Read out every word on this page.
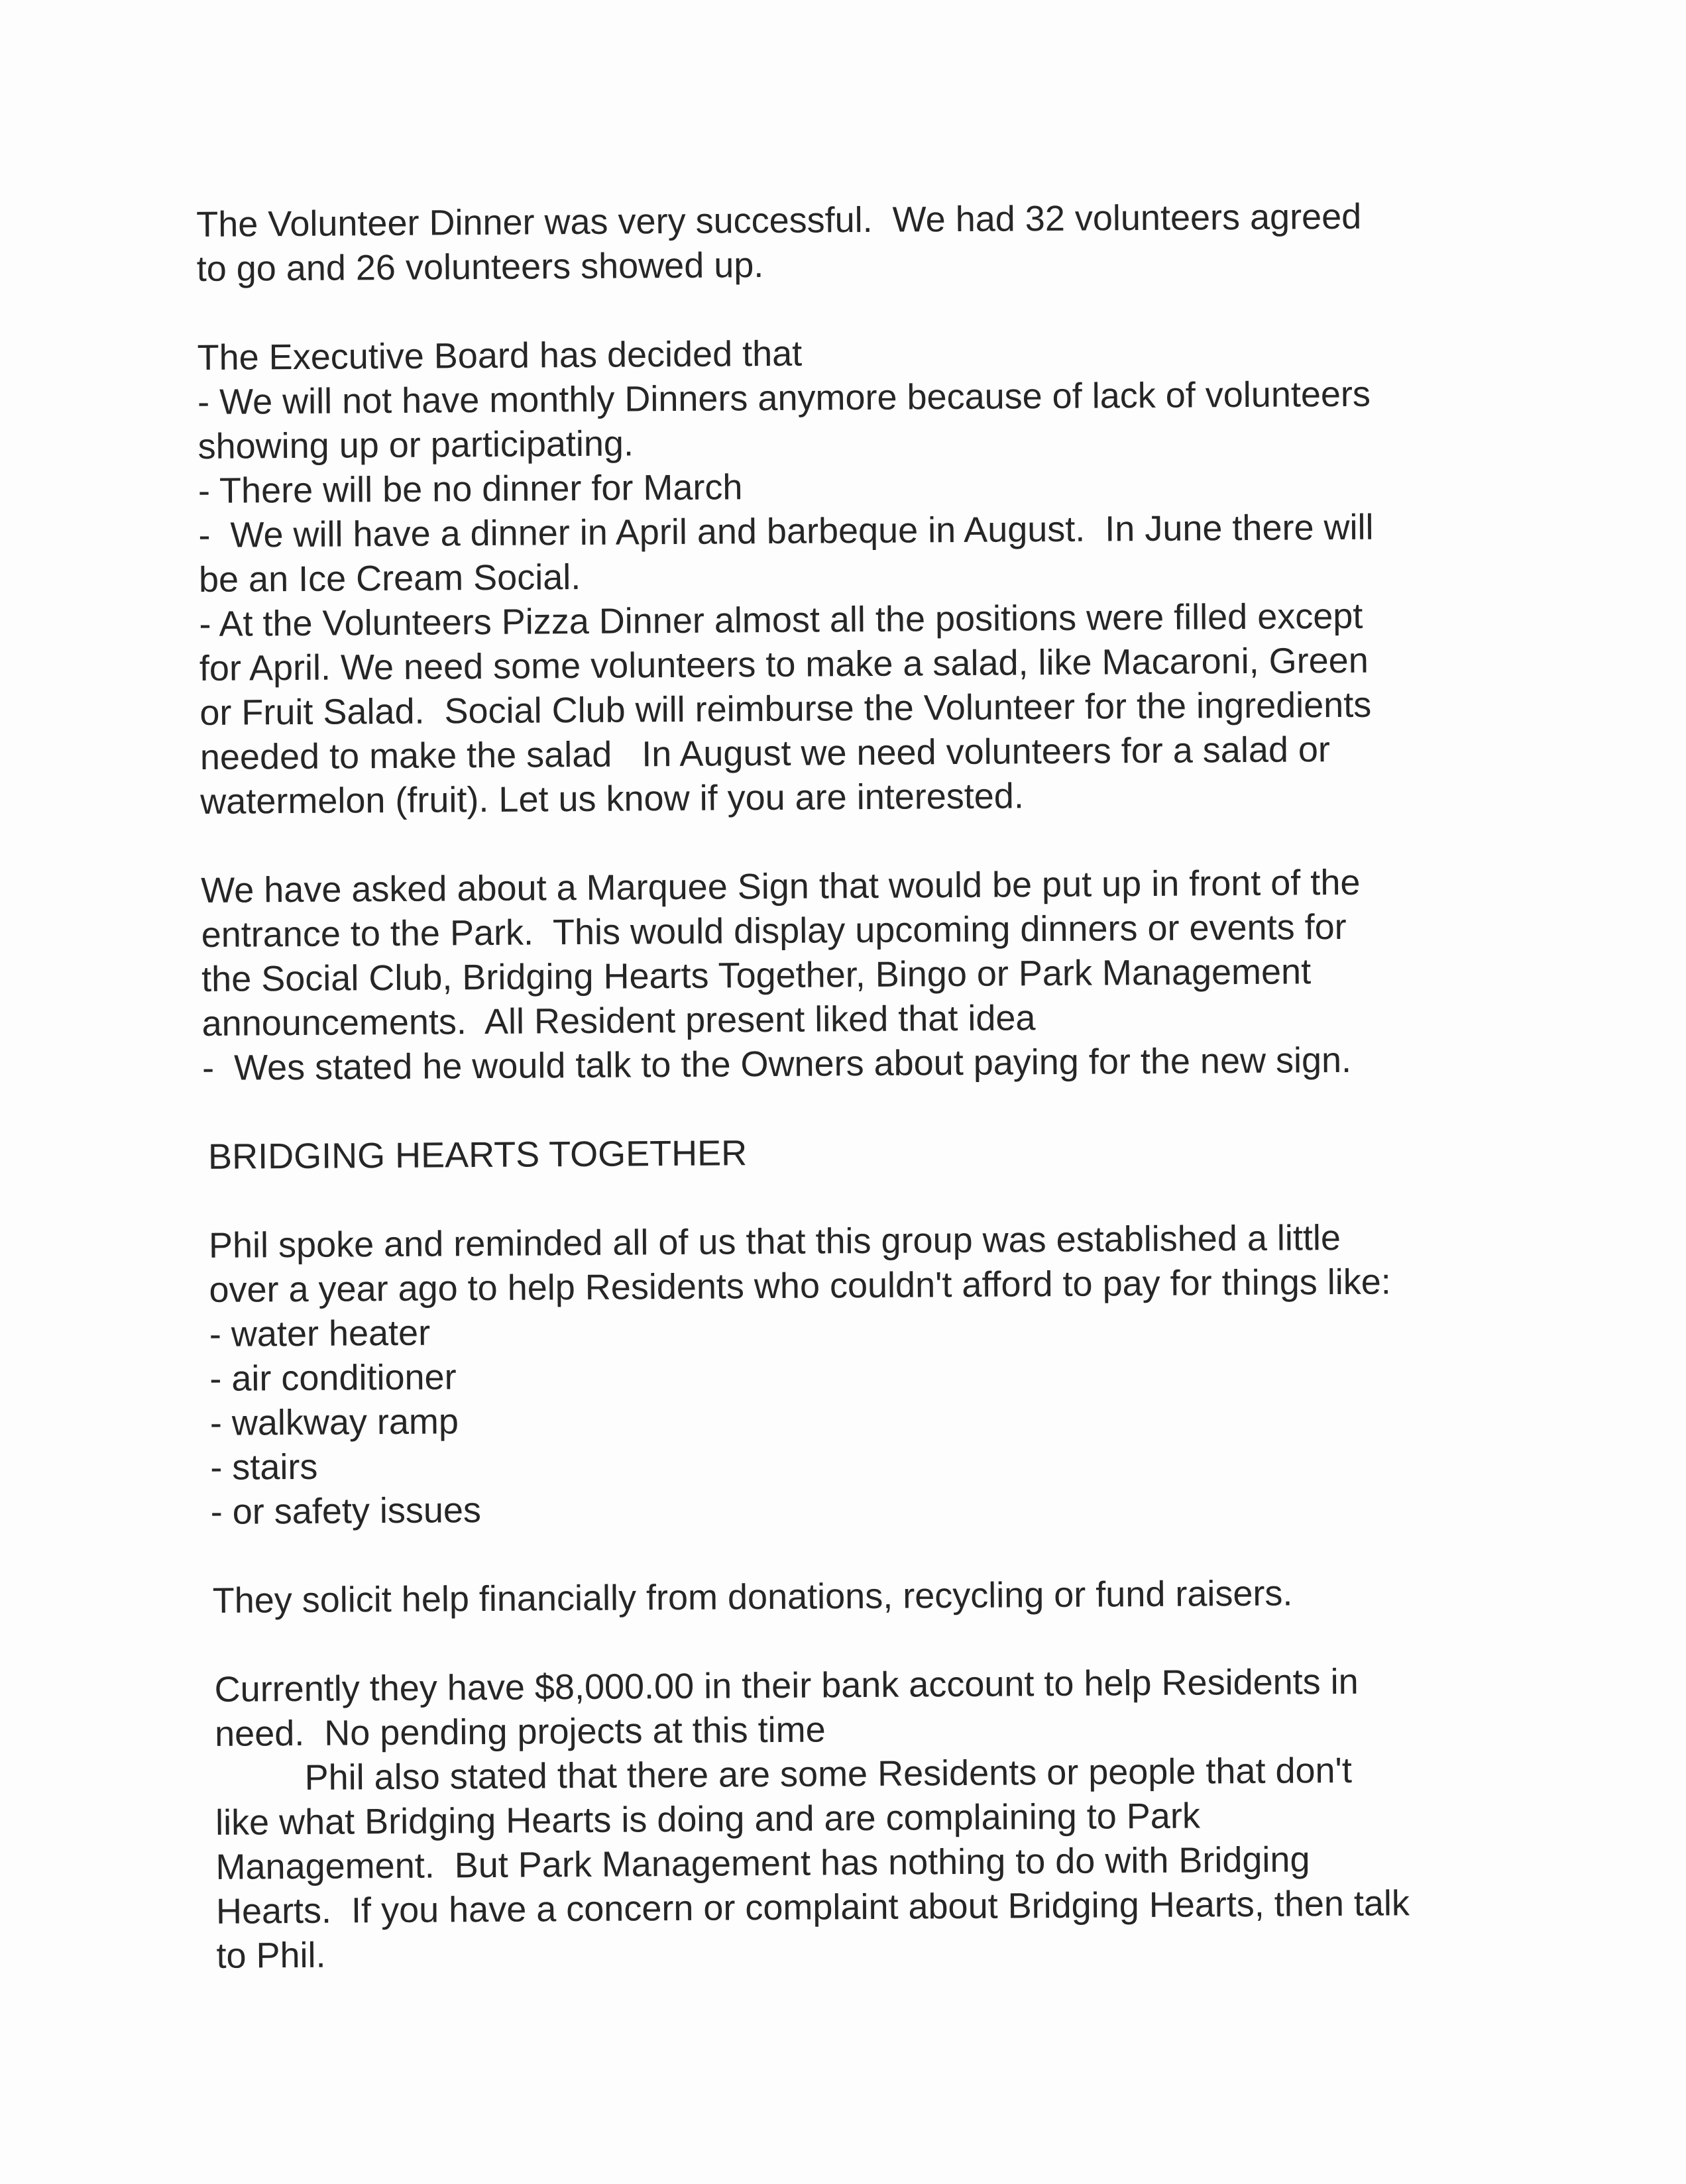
The Volunteer Dinner was very successful.  We had 32 volunteers agreed
to go and 26 volunteers showed up.
The Executive Board has decided that
- We will not have monthly Dinners anymore because of lack of volunteers
showing up or participating.
- There will be no dinner for March
-  We will have a dinner in April and barbeque in August.  In June there will
be an Ice Cream Social.
- At the Volunteers Pizza Dinner almost all the positions were filled except
for April. We need some volunteers to make a salad, like Macaroni, Green
or Fruit Salad.  Social Club will reimburse the Volunteer for the ingredients
needed to make the salad   In August we need volunteers for a salad or
watermelon (fruit). Let us know if you are interested.
We have asked about a Marquee Sign that would be put up in front of the
entrance to the Park.  This would display upcoming dinners or events for
the Social Club, Bridging Hearts Together, Bingo or Park Management
announcements.  All Resident present liked that idea
-  Wes stated he would talk to the Owners about paying for the new sign.
BRIDGING HEARTS TOGETHER
Phil spoke and reminded all of us that this group was established a little
over a year ago to help Residents who couldn't afford to pay for things like:
- water heater
- air conditioner
- walkway ramp
- stairs
- or safety issues
They solicit help financially from donations, recycling or fund raisers.
Currently they have $8,000.00 in their bank account to help Residents in
need.  No pending projects at this time
Phil also stated that there are some Residents or people that don't
like what Bridging Hearts is doing and are complaining to Park
Management.  But Park Management has nothing to do with Bridging
Hearts.  If you have a concern or complaint about Bridging Hearts, then talk
to Phil.
